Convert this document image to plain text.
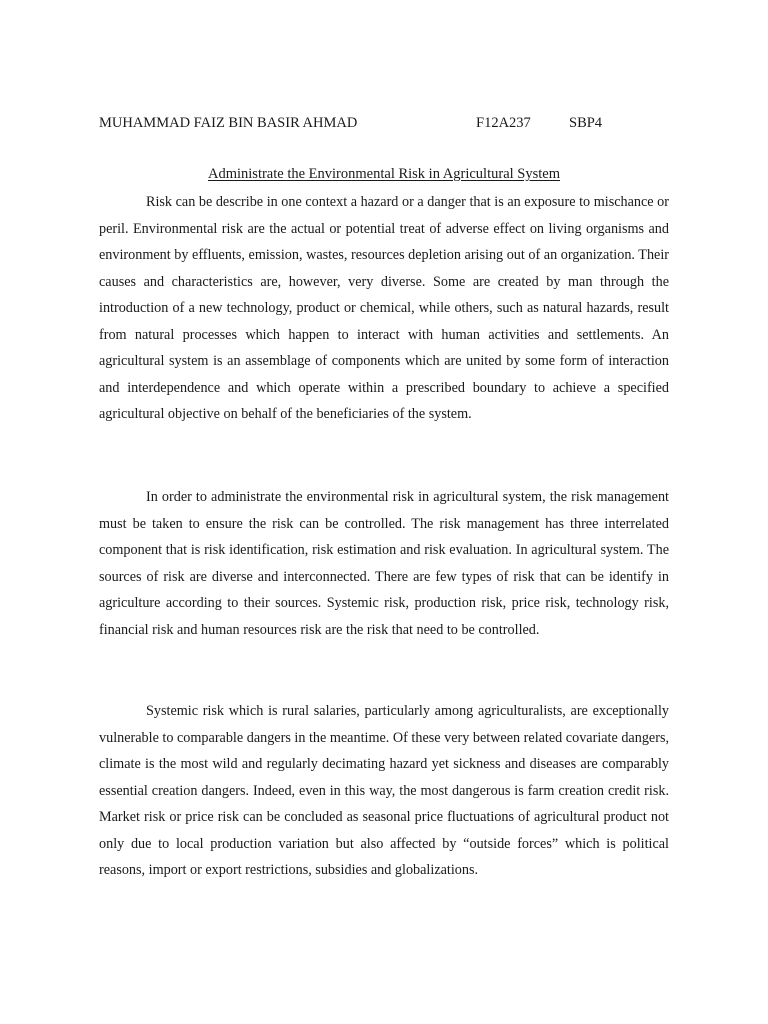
MUHAMMAD FAIZ BIN BASIR AHMAD	F12A237	SBP4
Administrate the Environmental Risk in Agricultural System

Risk can be describe in one context a hazard or a danger that is an exposure to mischance or peril. Environmental risk are the actual or potential treat of adverse effect on living organisms and environment by effluents, emission, wastes, resources depletion arising out of an organization. Their causes and characteristics are, however, very diverse. Some are created by man through the introduction of a new technology, product or chemical, while others, such as natural hazards, result from natural processes which happen to interact with human activities and settlements. An agricultural system is an assemblage of components which are united by some form of interaction and interdependence and which operate within a prescribed boundary to achieve a specified agricultural objective on behalf of the beneficiaries of the system.

In order to administrate the environmental risk in agricultural system, the risk management must be taken to ensure the risk can be controlled. The risk management has three interrelated component that is risk identification, risk estimation and risk evaluation. In agricultural system. The sources of risk are diverse and interconnected. There are few types of risk that can be identify in agriculture according to their sources. Systemic risk, production risk, price risk, technology risk, financial risk and human resources risk are the risk that need to be controlled.

Systemic risk which is rural salaries, particularly among agriculturalists, are exceptionally vulnerable to comparable dangers in the meantime. Of these very between related covariate dangers, climate is the most wild and regularly decimating hazard yet sickness and diseases are comparably essential creation dangers. Indeed, even in this way, the most dangerous is farm creation credit risk. Market risk or price risk can be concluded as seasonal price fluctuations of agricultural product not only due to local production variation but also affected by “outside forces” which is political reasons, import or export restrictions, subsidies and globalizations.
